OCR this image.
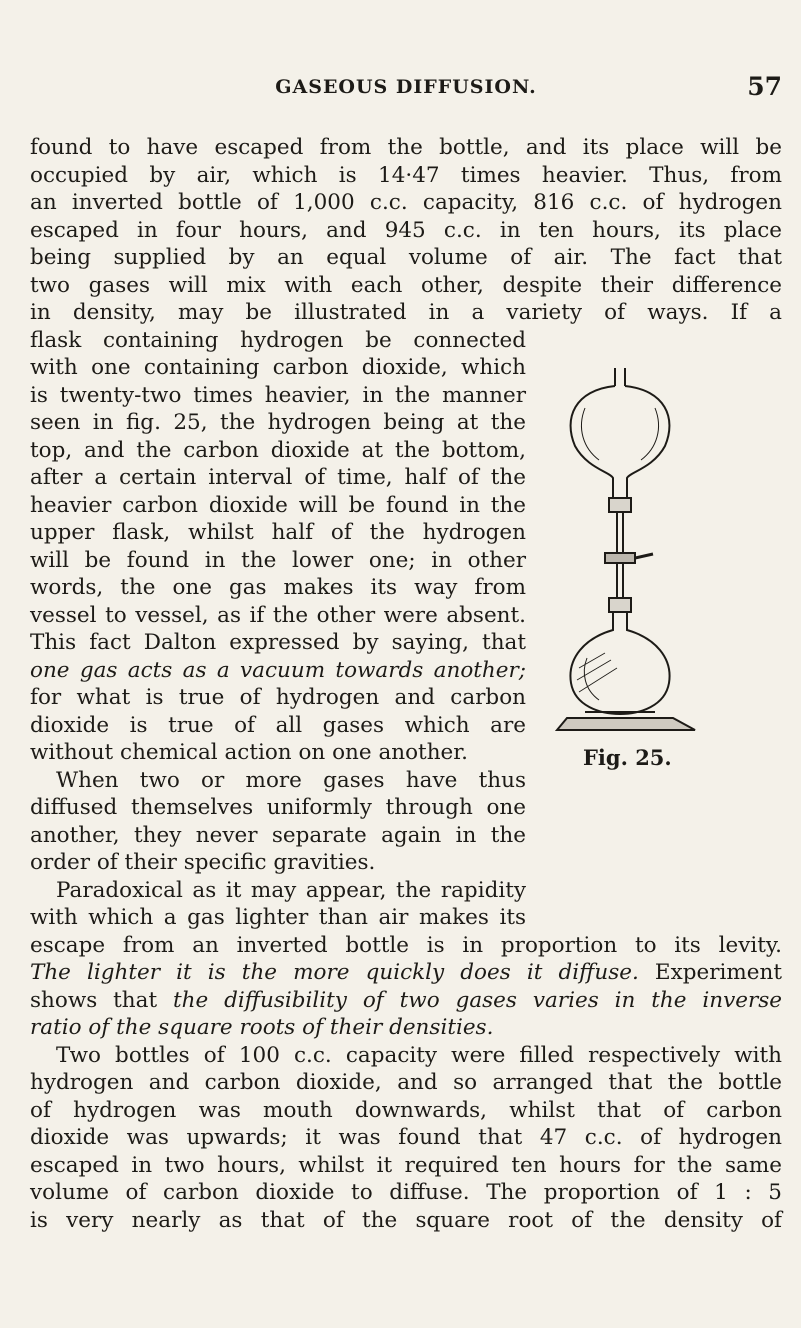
GASEOUS DIFFUSION.	57
found to have escaped from the bottle, and its place will be
occupied by air, which is 14·47 times heavier. Thus, from
an inverted bottle of 1,000 c.c. capacity, 816 c.c. of hydrogen
escaped in four hours, and 945 c.c. in ten hours, its place
being supplied by an equal volume of air. The fact that
two gases will mix with each other, despite their difference
in density, may be illustrated in a variety of ways. If a
flask containing hydrogen be connected
with one containing carbon dioxide, which
is twenty-two times heavier, in the manner
seen in fig. 25, the hydrogen being at the
top, and the carbon dioxide at the bottom,
after a certain interval of time, half of the
heavier carbon dioxide will be found in the
upper flask, whilst half of the hydrogen
will be found in the lower one; in other
words, the one gas makes its way from
vessel to vessel, as if the other were absent.
This fact Dalton expressed by saying, that
one gas acts as a vacuum towards another;
for what is true of hydrogen and carbon
dioxide is true of all gases which are
without chemical action on one another.
When two or more gases have thus
diffused themselves uniformly through one
another, they never separate again in the
order of their specific gravities.
Paradoxical as it may appear, the rapidity
with which a gas lighter than air makes its
escape from an inverted bottle is in proportion to its levity.
The lighter it is the more quickly does it diffuse. Experiment
shows that the diffusibility of two gases varies in the inverse
ratio of the square roots of their densities.
Two bottles of 100 c.c. capacity were filled respectively with
hydrogen and carbon dioxide, and so arranged that the bottle
of hydrogen was mouth downwards, whilst that of carbon
dioxide was upwards; it was found that 47 c.c. of hydrogen
escaped in two hours, whilst it required ten hours for the same
volume of carbon dioxide to diffuse. The proportion of 1 : 5
is very nearly as that of the square root of the density of
Fig. 25.
